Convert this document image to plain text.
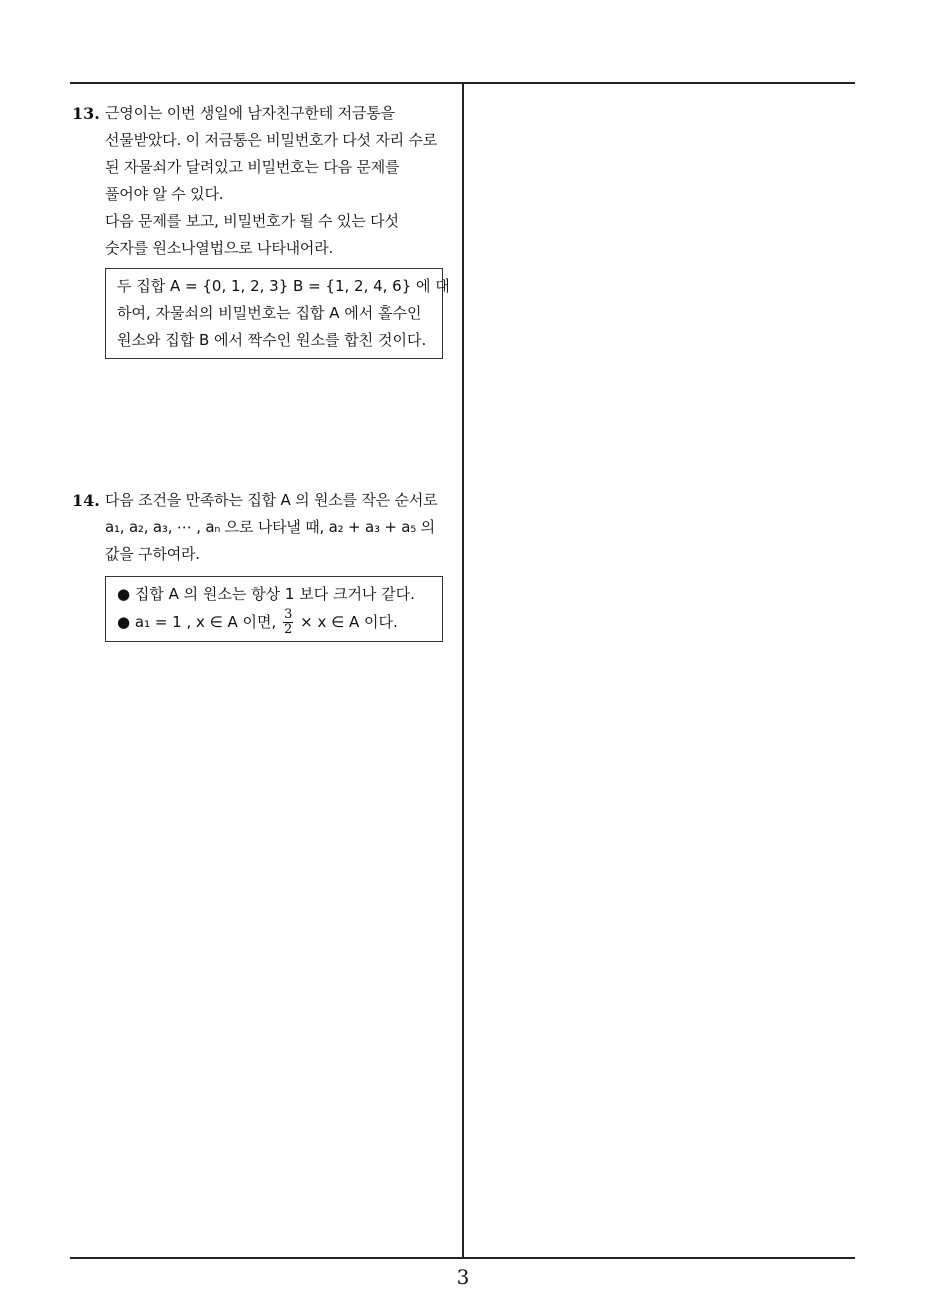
13. 근영이는 이번 생일에 남자친구한테 저금통을
선물받았다. 이 저금통은 비밀번호가 다섯 자리 수로
된 자물쇠가 달려있고 비밀번호는 다음 문제를
풀어야 알 수 있다.
다음 문제를 보고, 비밀번호가 될 수 있는 다섯
숫자를 원소나열법으로 나타내어라.
두 집합 A = {0, 1, 2, 3} B = {1, 2, 4, 6} 에 대
하여, 자물쇠의 비밀번호는 집합 A 에서 홀수인
원소와 집합 B 에서 짝수인 원소를 합친 것이다.
14. 다음 조건을 만족하는 집합 A 의 원소를 작은 순서로
a₁, a₂, a₃, ⋯ , aₙ 으로 나타낼 때, a₂ + a₃ + a₅ 의
값을 구하여라.
● 집합 A 의 원소는 항상 1 보다 크거나 같다.
● a₁ = 1 , x ∈ A 이면, $\frac{3}{2} \times x$ ∈ A 이다.
3
